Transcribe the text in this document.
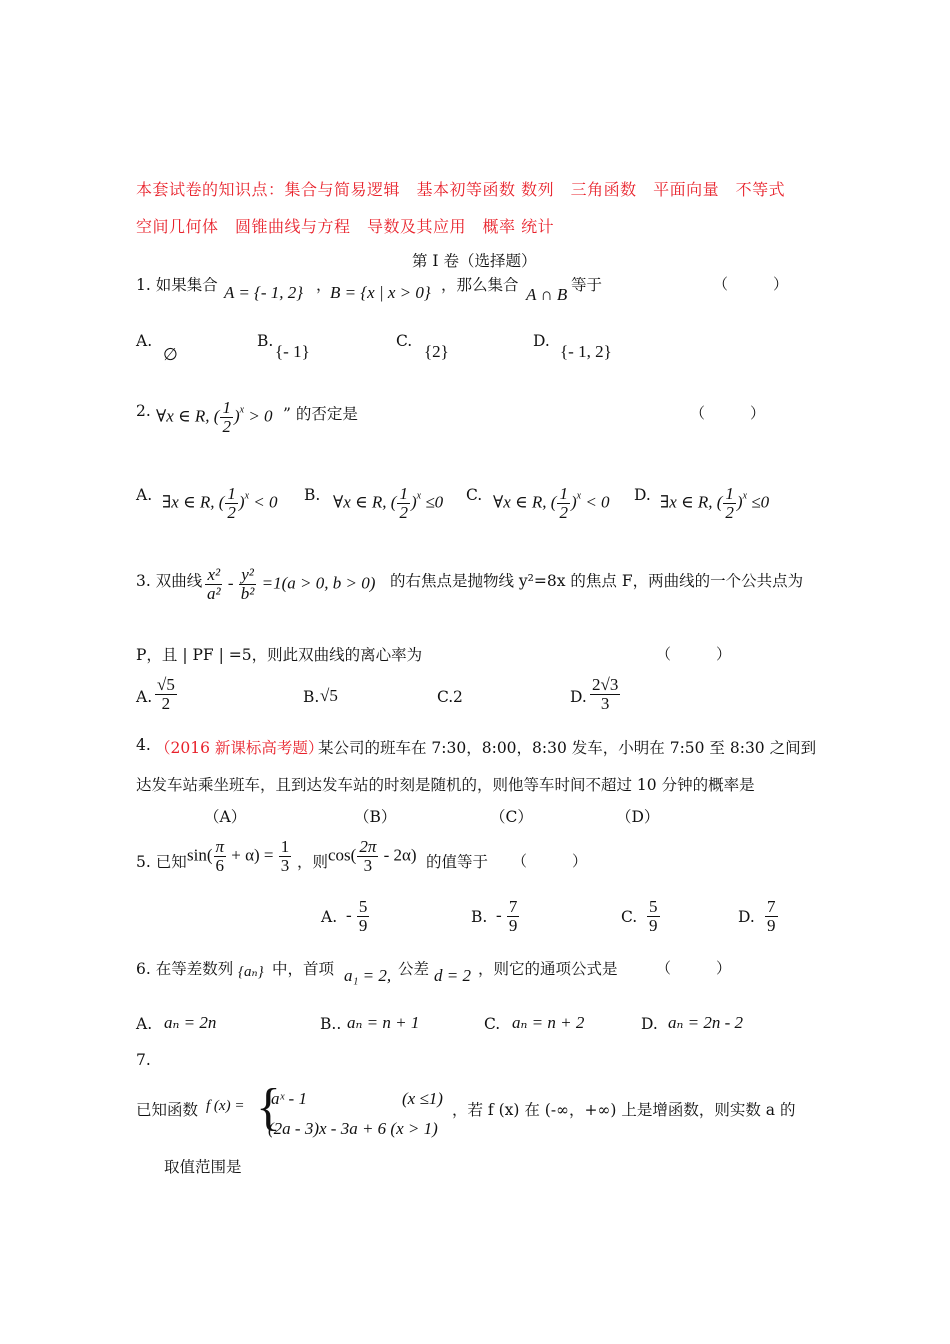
本套试卷的知识点：集合与简易逻辑　基本初等函数 数列　三角函数　平面向量　不等式
空间几何体　圆锥曲线与方程　导数及其应用　概率 统计
第 I 卷（选择题）
1. 如果集合 A = {- 1, 2} ，
B = {x | x > 0} ，那么集合 A ∩ B 等于	（　　　）
A.
∅
B.
{- 1}
C.
{2}
D.
{- 1, 2}
2. ∀x ∈ R, ( $\frac{1}{2} )^x > 0$ ” 的否定是	（　　　）
A. ∃x ∈ R, ( $\frac{1}{2} )^x < 0$ B. ∀x ∈ R, ( $\frac{1}{2} )^x \le 0$ C. ∀x ∈ R, ( $\frac{1}{2} )^x < 0$ D. ∃x ∈ R, ( $\frac{1}{2} )^x \le 0$
3. 双曲线 $\frac{\text{x²}}{\text{a²}} - \frac{\text{y²}}{\text{b²}} =1(a > 0$, b > 0) 的右焦点是抛物线 y²=8x 的焦点 F，两曲线的一个公共点为
P，且 | PF | =5，则此双曲线的离心率为	（　　　）
A. $\frac{√5}{2}$	B. √5	C. 2	D. $\frac{2√3}{3}$
4. （2016 新课标高考题）
某公司的班车在 7:30，8:00，8:30 发车，小明在 7:50 至 8:30 之间到
达发车站乘坐班车，且到达发车站的时刻是随机的，则他等车时间不超过 10 分钟的概率是
（A）	（B）	（C）	（D）
5. 已知 $\sin( \frac{\pi}{6} + \alpha) = \frac{1}{3}$ ，则 $\cos( \frac{2\pi}{3} - 2\alpha)$ 的值等于 （　　　）
A. - $\frac{5}{9}$	B. - $\frac{7}{9}$	C. $\frac{5}{9}$	D. $\frac{7}{9}$
6. 在等差数列 {aₙ} 中，首项 a₁ = 2, 公差 d = 2 ，则它的通项公式是	（　　　）
A. aₙ = 2n	B.. aₙ = n + 1	C. aₙ = n + 2	D. aₙ = 2n - 2
7.
已知函数 f (x) = {
aˣ - 1	(x ≤1)
(2a - 3)x - 3a + 6 (x > 1)
，若 f (x) 在 (-∞，+∞) 上是增函数，则实数 a 的
取值范围是
